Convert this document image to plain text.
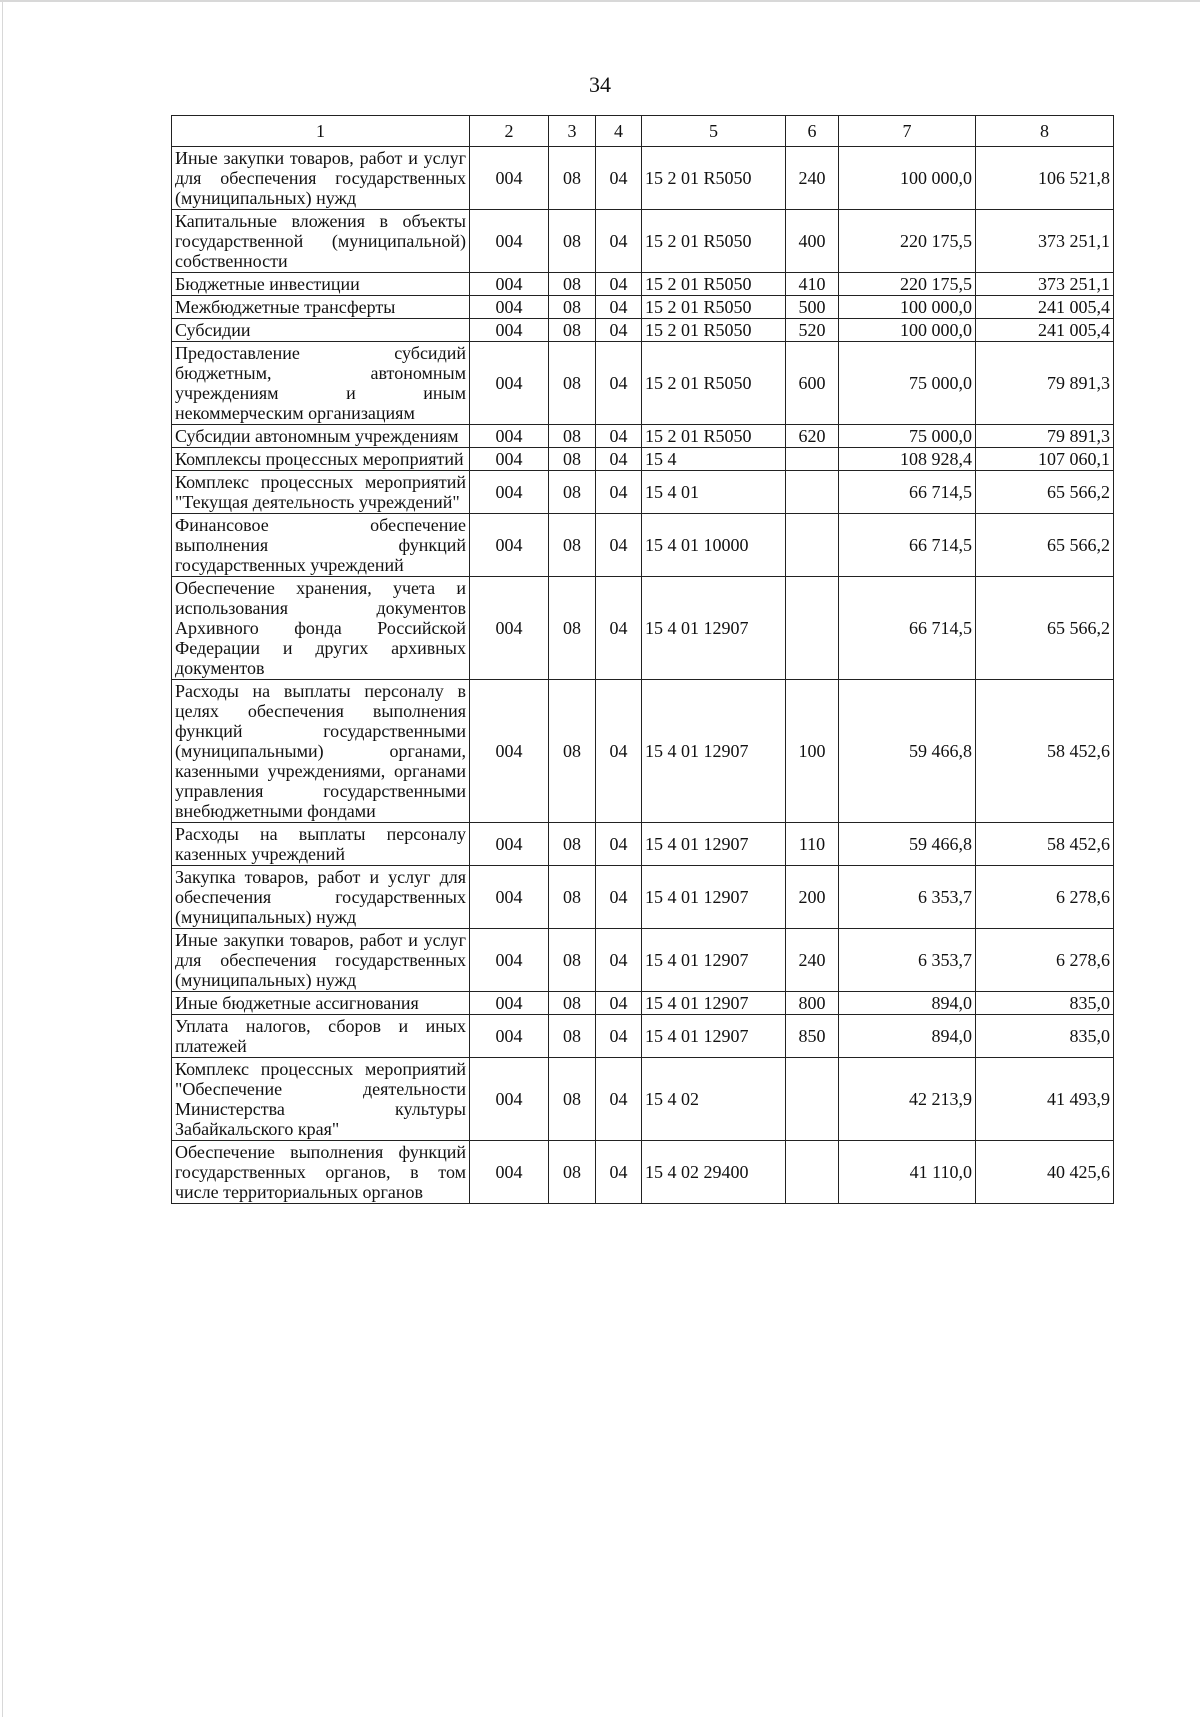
34
1	2	3	4	5	6	7	8
Иные закупки товаров, работ и услуг для обеспечения государственных (муниципальных) нужд	004	08	04	15 2 01 R5050	240	100 000,0	106 521,8
Капитальные вложения в объекты государственной (муниципальной) собственности	004	08	04	15 2 01 R5050	400	220 175,5	373 251,1
Бюджетные инвестиции	004	08	04	15 2 01 R5050	410	220 175,5	373 251,1
Межбюджетные трансферты	004	08	04	15 2 01 R5050	500	100 000,0	241 005,4
Субсидии	004	08	04	15 2 01 R5050	520	100 000,0	241 005,4
Предоставление субсидий бюджетным, автономным учреждениям и иным некоммерческим организациям	004	08	04	15 2 01 R5050	600	75 000,0	79 891,3
Субсидии автономным учреждениям	004	08	04	15 2 01 R5050	620	75 000,0	79 891,3
Комплексы процессных мероприятий	004	08	04	15 4		108 928,4	107 060,1
Комплекс процессных мероприятий "Текущая деятельность учреждений"	004	08	04	15 4 01		66 714,5	65 566,2
Финансовое обеспечение выполнения функций государственных учреждений	004	08	04	15 4 01 10000		66 714,5	65 566,2
Обеспечение хранения, учета и использования документов Архивного фонда Российской Федерации и других архивных документов	004	08	04	15 4 01 12907		66 714,5	65 566,2
Расходы на выплаты персоналу в целях обеспечения выполнения функций государственными (муниципальными) органами, казенными учреждениями, органами управления государственными внебюджетными фондами	004	08	04	15 4 01 12907	100	59 466,8	58 452,6
Расходы на выплаты персоналу казенных учреждений	004	08	04	15 4 01 12907	110	59 466,8	58 452,6
Закупка товаров, работ и услуг для обеспечения государственных (муниципальных) нужд	004	08	04	15 4 01 12907	200	6 353,7	6 278,6
Иные закупки товаров, работ и услуг для обеспечения государственных (муниципальных) нужд	004	08	04	15 4 01 12907	240	6 353,7	6 278,6
Иные бюджетные ассигнования	004	08	04	15 4 01 12907	800	894,0	835,0
Уплата налогов, сборов и иных платежей	004	08	04	15 4 01 12907	850	894,0	835,0
Комплекс процессных мероприятий "Обеспечение деятельности Министерства культуры Забайкальского края"	004	08	04	15 4 02		42 213,9	41 493,9
Обеспечение выполнения функций государственных органов, в том числе территориальных органов	004	08	04	15 4 02 29400		41 110,0	40 425,6
